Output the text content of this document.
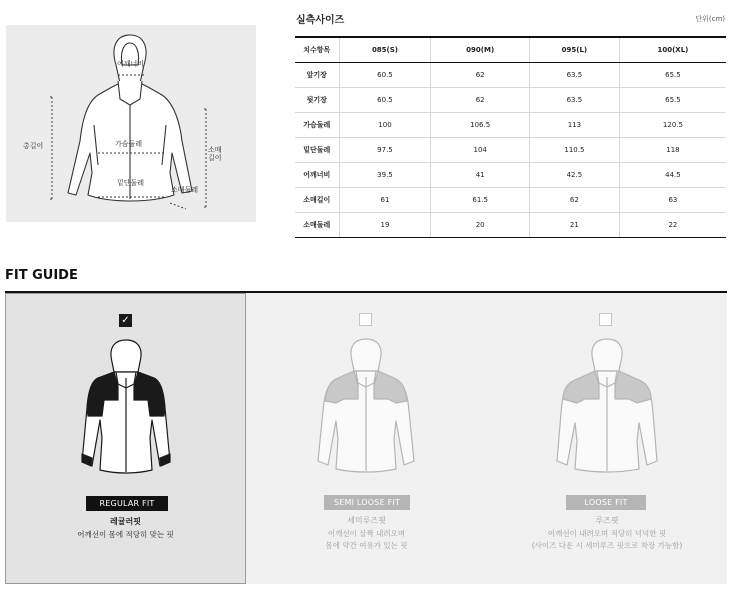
어깨너비
가슴둘레
밑단둘레
총길이	소매
길이
소매둘레
실측사이즈	단위(cm)
치수항목	085(S)	090(M)	095(L)	100(XL)
앞기장	60.5	62	63.5	65.5
뒷기장	60.5	62	63.5	65.5
가슴둘레	100	106.5	113	120.5
밑단둘레	97.5	104	110.5	118
어깨너비	39.5	41	42.5	44.5
소매길이	61	61.5	62	63
소매둘레	19	20	21	22
FIT GUIDE
✓
REGULAR FIT
레귤러핏
어깨선이 몸에 적당히 맞는 핏
SEMI LOOSE FIT
세미루즈핏
어깨선이 살짝 내려오며
몸에 약간 여유가 있는 핏
LOOSE FIT
루즈핏
어깨선이 내려오며 적당히 넉넉한 핏
(사이즈 다운 시 세미루즈 핏으로 착장 가능함)
